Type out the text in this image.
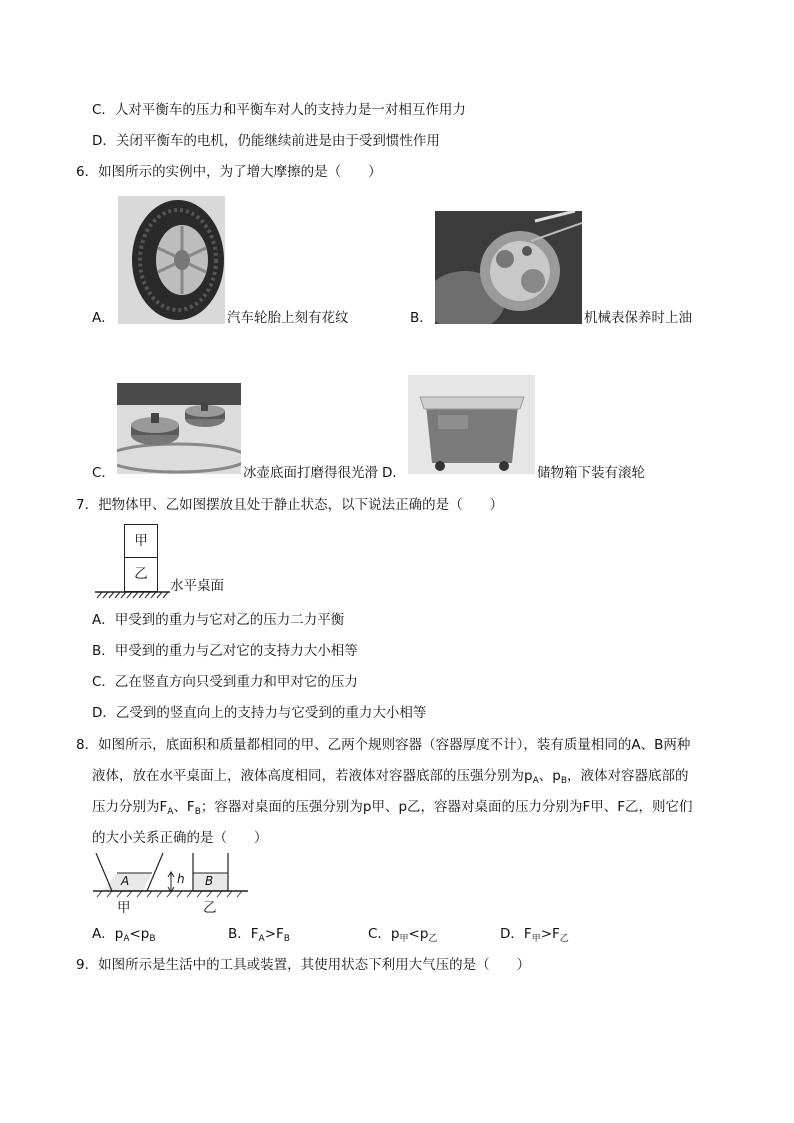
C．人对平衡车的压力和平衡车对人的支持力是一对相互作用力
D．关闭平衡车的电机，仍能继续前进是由于受到惯性作用
6．如图所示的实例中，为了增大摩擦的是（　　）
A．	汽车轮胎上刻有花纹	B．	机械表保养时上油
C．	冰壶底面打磨得很光滑 D．	储物箱下装有滚轮
7．把物体甲、乙如图摆放且处于静止状态，以下说法正确的是（　　）
甲
乙
水平桌面
A．甲受到的重力与它对乙的压力二力平衡
B．甲受到的重力与乙对它的支持力大小相等
C．乙在竖直方向只受到重力和甲对它的压力
D．乙受到的竖直向上的支持力与它受到的重力大小相等
8．如图所示，底面积和质量都相同的甲、乙两个规则容器（容器厚度不计），装有质量相同的A、B两种
液体，放在水平桌面上，液体高度相同，若液体对容器底部的压强分别为$p_A$、$p_B$，液体对容器底部的
压力分别为$F_A$、$F_B$；容器对桌面的压强分别为p甲、p乙，容器对桌面的压力分别为F甲、F乙，则它们
的大小关系正确的是（　　）
A	h B
甲	乙
A．$p_A<p_B$	B．$F_A>F_B$	C．$p_甲<p_乙$	D．$F_甲>F_乙$
9．如图所示是生活中的工具或装置，其使用状态下利用大气压的是（　　）
